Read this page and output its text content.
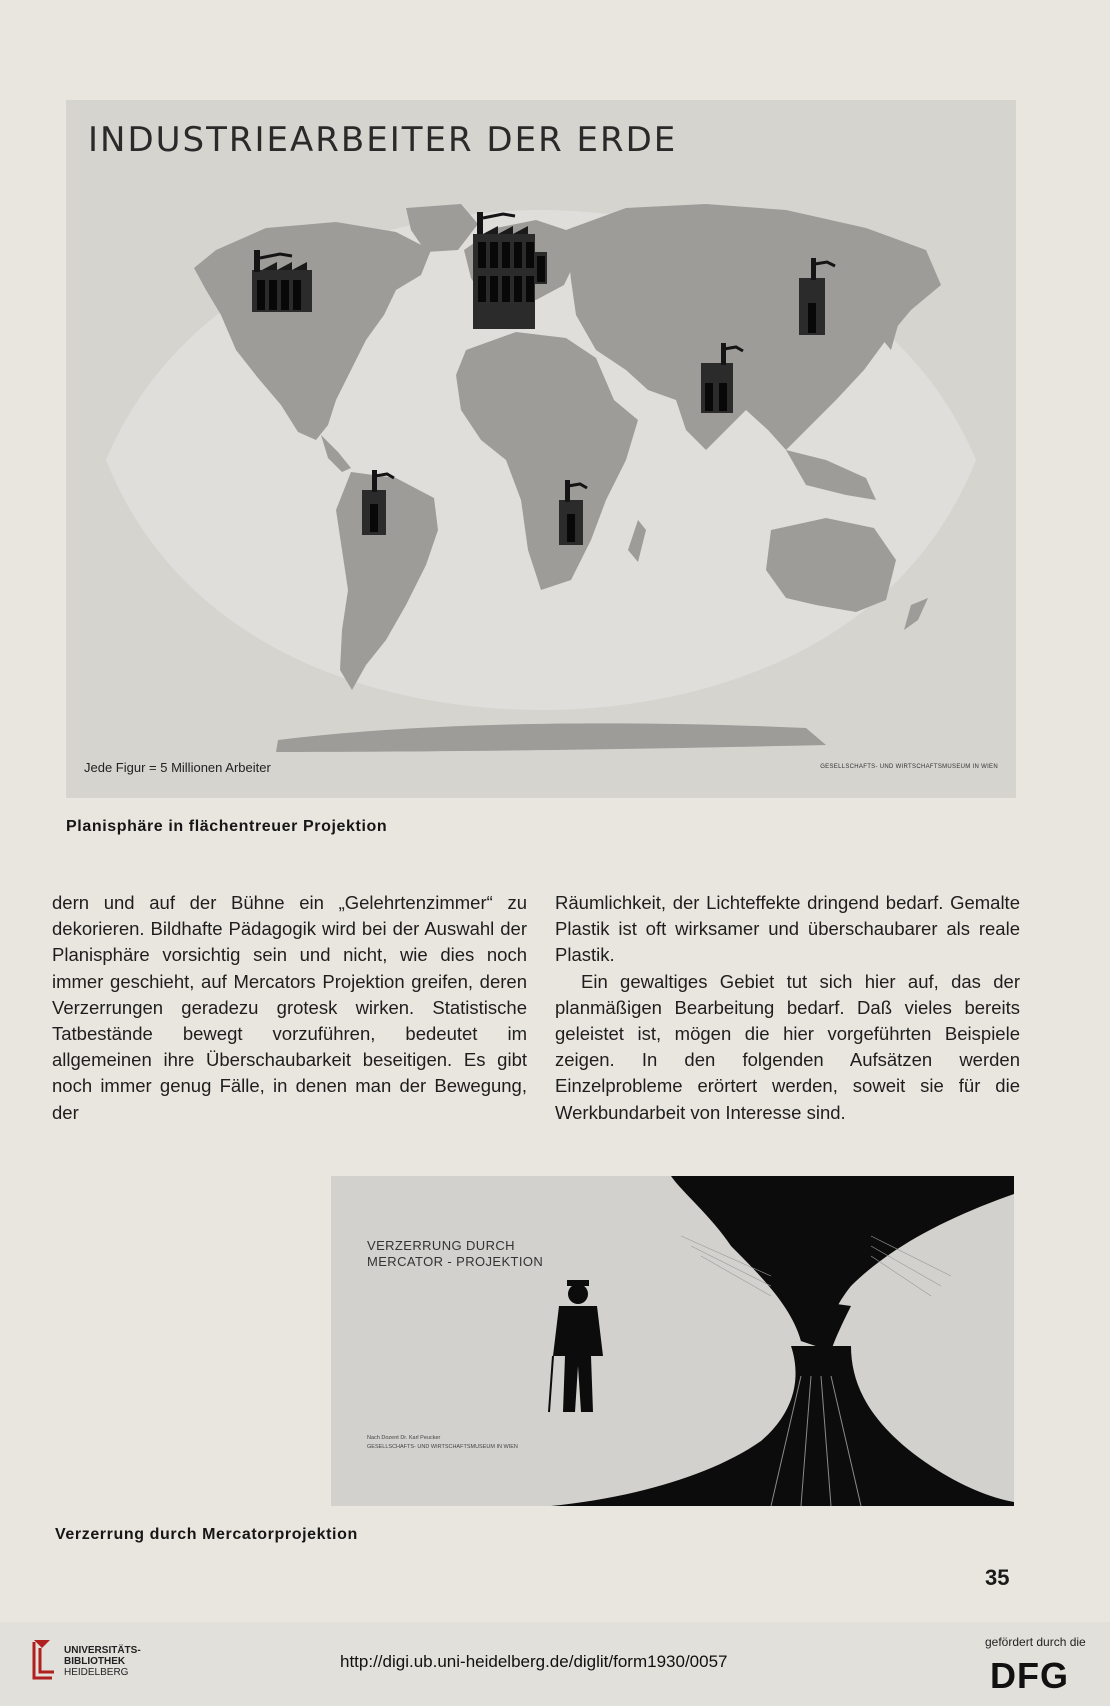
INDUSTRIEARBEITER DER ERDE
Jede Figur = 5 Millionen Arbeiter	GESELLSCHAFTS- UND WIRTSCHAFTSMUSEUM IN WIEN
Planisphäre in flächentreuer Projektion

dern und auf der Bühne ein „Gelehrtenzimmer“ zu dekorieren. Bildhafte Pädagogik wird bei der Auswahl der Planisphäre vorsichtig sein und nicht, wie dies noch immer geschieht, auf Mercators Projektion greifen, deren Verzerrungen geradezu grotesk wirken. Statistische Tatbestände bewegt vorzuführen, bedeutet im allgemeinen ihre Überschaubarkeit beseitigen. Es gibt noch immer genug Fälle, in denen man der Bewegung, der

Räumlichkeit, der Lichteffekte dringend bedarf. Gemalte Plastik ist oft wirksamer und überschaubarer als reale Plastik.

Ein gewaltiges Gebiet tut sich hier auf, das der planmäßigen Bearbeitung bedarf. Daß vieles bereits geleistet ist, mögen die hier vorgeführten Beispiele zeigen. In den folgenden Aufsätzen werden Einzelprobleme erörtert werden, soweit sie für die Werkbundarbeit von Interesse sind.

VERZERRUNG DURCH
MERCATOR - PROJEKTION
Nach Dozent Dr. Karl Peucker
GESELLSCHAFTS- UND WIRTSCHAFTSMUSEUM IN WIEN
Verzerrung durch Mercatorprojektion
35
UNIVERSITÄTS-
BIBLIOTHEK
HEIDELBERG
http://digi.ub.uni-heidelberg.de/diglit/form1930/0057
gefördert durch die
DFG
